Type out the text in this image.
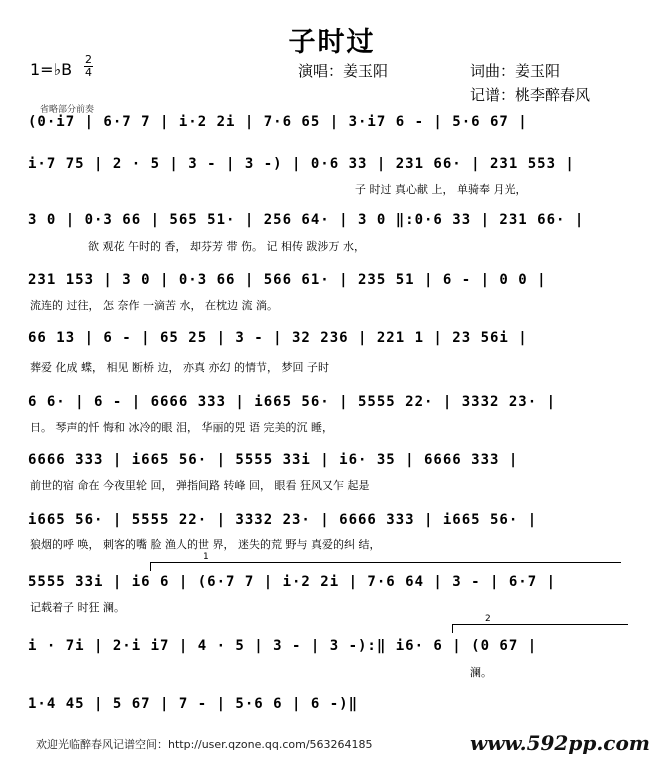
子时过
1=♭B
2
4	演唱：姜玉阳	词曲：姜玉阳
记谱：桃李醉春风
省略部分前奏
(0·i7 | 6·7 7 | i·2 2i | 7·6 65 | 3·i7 6 - | 5·6 67 |
i·7 75 | 2 · 5 | 3 - | 3 -) | 0·6 33 | 231 66· | 231 553 |
子 时过 真心献 上， 单骑奉 月光，
3 0 | 0·3 66 | 565 51· | 256 64· | 3 0 ‖:0·6 33 | 231 66· |
欲 观花 午时的 香， 却芬芳 带 伤。 记 相传 跋涉万 水，
231 153 | 3 0 | 0·3 66 | 566 61· | 235 51 | 6 - | 0 0 |
流连的 过往， 怎 奈作 一滴苦 水， 在枕边 流 淌。
66 13 | 6 - | 65 25 | 3 - | 32 236 | 221 1 | 23 56i |
葬爱 化成 蝶， 相见 断桥 边， 亦真 亦幻 的情节， 梦回 子时
6 6· | 6 - | 6666 333 | i665 56· | 5555 22· | 3332 23· |
日。 琴声的忏 悔和 冰冷的眼 泪， 华丽的兕 语 完美的沉 睡，
6666 333 | i665 56· | 5555 33i | i6· 35 | 6666 333 |
前世的宿 命在 今夜里轮 回， 弹指间路 转峰 回， 眼看 狂风又乍 起是
i665 56· | 5555 22· | 3332 23· | 6666 333 | i665 56· |
狼烟的呼 唤， 刺客的嘴 脸 渔人的世 界， 迷失的荒 野与 真爱的纠 结，
1
5555 33i | i6 6 | (6·7 7 | i·2 2i | 7·6 64 | 3 - | 6·7 |
记载着子 时狂 澜。
2
i · 7i | 2·i i7 | 4 · 5 | 3 - | 3 -):‖ i6· 6 | (0 67 |
澜。
1·4 45 | 5 67 | 7 - | 5·6 6 | 6 -)‖
欢迎光临醉春风记谱空间：http://user.qzone.qq.com/563264185	www.592pp.com
